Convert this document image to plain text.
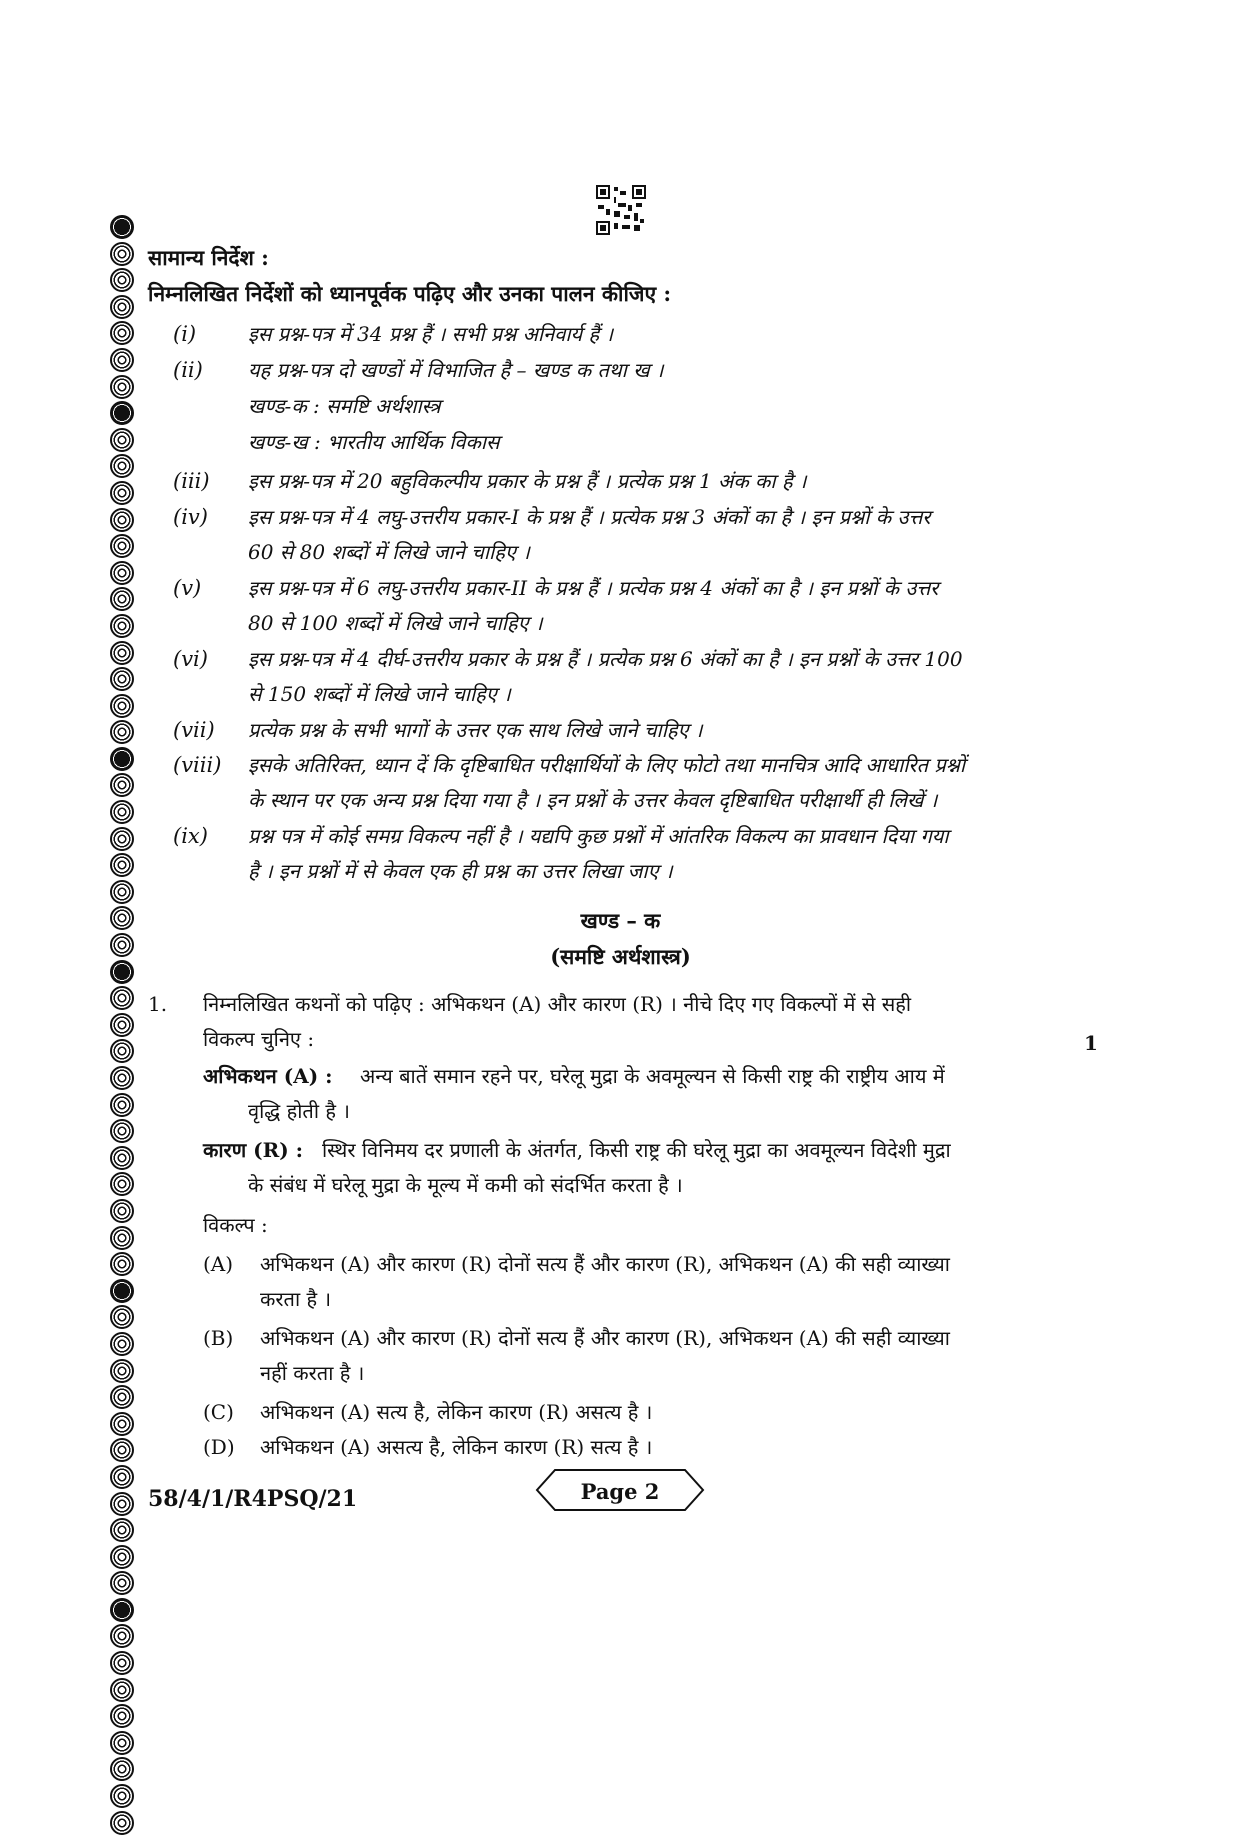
सामान्य निर्देश :
निम्नलिखित निर्देशों को ध्यानपूर्वक पढ़िए और उनका पालन कीजिए :
(i)	इस प्रश्न-पत्र में 34 प्रश्न हैं । सभी प्रश्न अनिवार्य हैं ।
(ii) यह प्रश्न-पत्र दो खण्डों में विभाजित है – खण्ड क तथा ख ।
खण्ड-क : समष्टि अर्थशास्त्र
खण्ड-ख : भारतीय आर्थिक विकास
(iii) इस प्रश्न-पत्र में 20 बहुविकल्पीय प्रकार के प्रश्न हैं । प्रत्येक प्रश्न 1 अंक का है ।
(iv) इस प्रश्न-पत्र में 4 लघु-उत्तरीय प्रकार-I के प्रश्न हैं । प्रत्येक प्रश्न 3 अंकों का है । इन प्रश्नों के उत्तर
60 से 80 शब्दों में लिखे जाने चाहिए ।
(v) इस प्रश्न-पत्र में 6 लघु-उत्तरीय प्रकार-II के प्रश्न हैं । प्रत्येक प्रश्न 4 अंकों का है । इन प्रश्नों के उत्तर
80 से 100 शब्दों में लिखे जाने चाहिए ।
(vi) इस प्रश्न-पत्र में 4 दीर्घ-उत्तरीय प्रकार के प्रश्न हैं । प्रत्येक प्रश्न 6 अंकों का है । इन प्रश्नों के उत्तर 100
से 150 शब्दों में लिखे जाने चाहिए ।
(vii) प्रत्येक प्रश्न के सभी भागों के उत्तर एक साथ लिखे जाने चाहिए ।
(viii) इसके अतिरिक्त, ध्यान दें कि दृष्टिबाधित परीक्षार्थियों के लिए फोटो तथा मानचित्र आदि आधारित प्रश्नों
के स्थान पर एक अन्य प्रश्न दिया गया है । इन प्रश्नों के उत्तर केवल दृष्टिबाधित परीक्षार्थी ही लिखें ।
(ix) प्रश्न पत्र में कोई समग्र विकल्प नहीं है । यद्यपि कुछ प्रश्नों में आंतरिक विकल्प का प्रावधान दिया गया
है । इन प्रश्नों में से केवल एक ही प्रश्न का उत्तर लिखा जाए ।
खण्ड – क
(समष्टि अर्थशास्त्र)
1. निम्नलिखित कथनों को पढ़िए : अभिकथन (A) और कारण (R) । नीचे दिए गए विकल्पों में से सही
विकल्प चुनिए :	1
अभिकथन (A) : अन्य बातें समान रहने पर, घरेलू मुद्रा के अवमूल्यन से किसी राष्ट्र की राष्ट्रीय आय में
वृद्धि होती है ।
कारण (R) : स्थिर विनिमय दर प्रणाली के अंतर्गत, किसी राष्ट्र की घरेलू मुद्रा का अवमूल्यन विदेशी मुद्रा
के संबंध में घरेलू मुद्रा के मूल्य में कमी को संदर्भित करता है ।
विकल्प :
(A) अभिकथन (A) और कारण (R) दोनों सत्य हैं और कारण (R), अभिकथन (A) की सही व्याख्या
करता है ।
(B) अभिकथन (A) और कारण (R) दोनों सत्य हैं और कारण (R), अभिकथन (A) की सही व्याख्या
नहीं करता है ।
(C) अभिकथन (A) सत्य है, लेकिन कारण (R) असत्य है ।
(D) अभिकथन (A) असत्य है, लेकिन कारण (R) सत्य है ।
58/4/1/R4PSQ/21	Page 2
